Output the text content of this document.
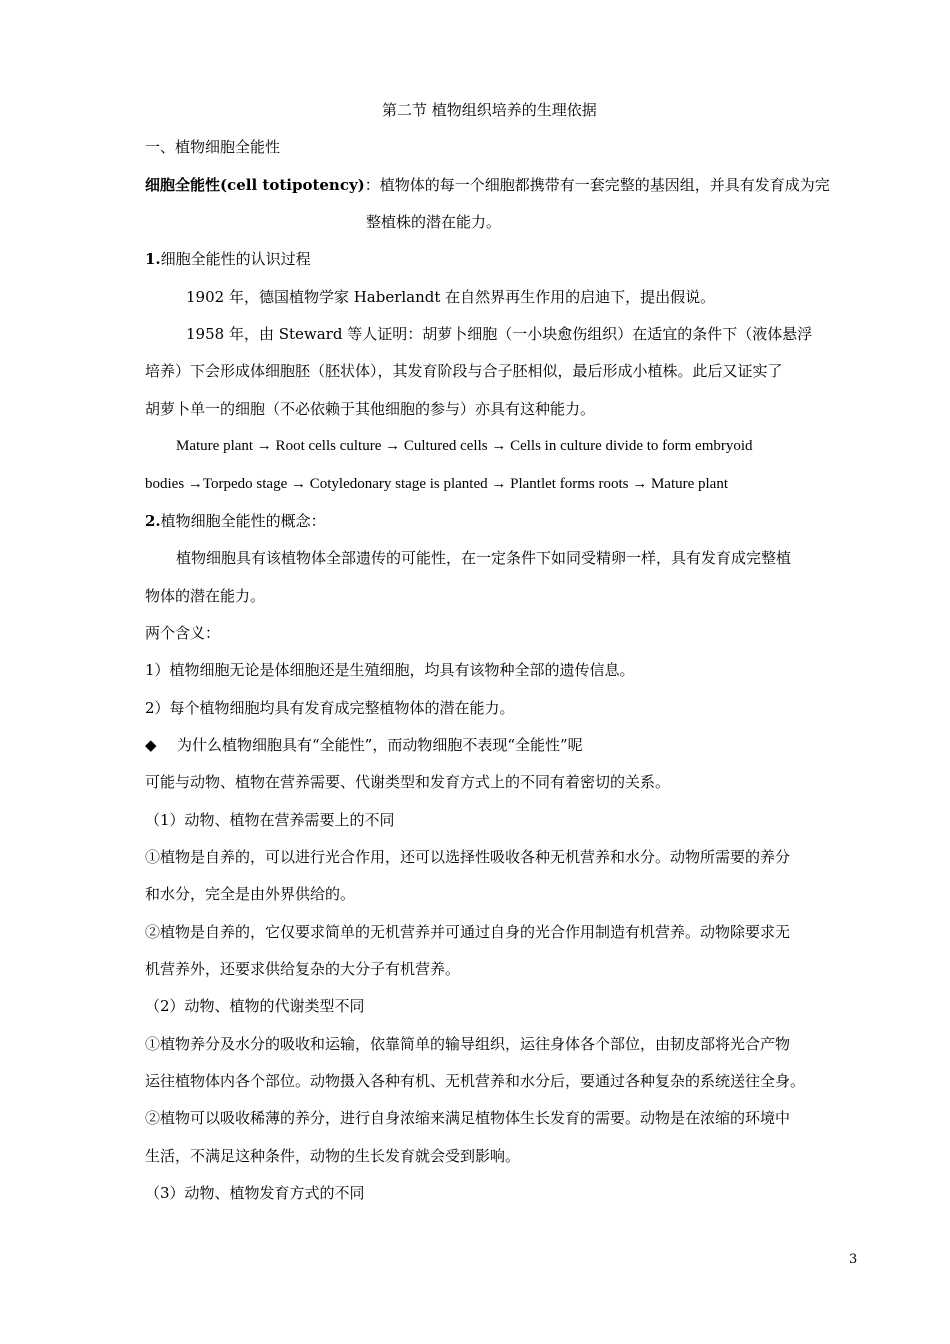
第二节 植物组织培养的生理依据
一、植物细胞全能性
细胞全能性(cell totipotency)：植物体的每一个细胞都携带有一套完整的基因组，并具有发育成为完
整植株的潜在能力。
1.细胞全能性的认识过程
1902 年，德国植物学家 Haberlandt 在自然界再生作用的启迪下，提出假说。
1958 年，由 Steward 等人证明：胡萝卜细胞（一小块愈伤组织）在适宜的条件下（液体悬浮
培养）下会形成体细胞胚（胚状体），其发育阶段与合子胚相似，最后形成小植株。此后又证实了
胡萝卜单一的细胞（不必依赖于其他细胞的参与）亦具有这种能力。
Mature plant → Root cells culture → Cultured cells → Cells in culture divide to form embryoid
bodies →Torpedo stage → Cotyledonary stage is planted → Plantlet forms roots → Mature plant
2.植物细胞全能性的概念：
植物细胞具有该植物体全部遗传的可能性，在一定条件下如同受精卵一样，具有发育成完整植
物体的潜在能力。
两个含义：
1）植物细胞无论是体细胞还是生殖细胞，均具有该物种全部的遗传信息。
2）每个植物细胞均具有发育成完整植物体的潜在能力。
◆ 为什么植物细胞具有“全能性”，而动物细胞不表现“全能性”呢
可能与动物、植物在营养需要、代谢类型和发育方式上的不同有着密切的关系。
（1）动物、植物在营养需要上的不同
①植物是自养的，可以进行光合作用，还可以选择性吸收各种无机营养和水分。动物所需要的养分
和水分，完全是由外界供给的。
②植物是自养的，它仅要求简单的无机营养并可通过自身的光合作用制造有机营养。动物除要求无
机营养外，还要求供给复杂的大分子有机营养。
（2）动物、植物的代谢类型不同
①植物养分及水分的吸收和运输，依靠简单的输导组织，运往身体各个部位，由韧皮部将光合产物
运往植物体内各个部位。动物摄入各种有机、无机营养和水分后，要通过各种复杂的系统送往全身。
②植物可以吸收稀薄的养分，进行自身浓缩来满足植物体生长发育的需要。动物是在浓缩的环境中
生活，不满足这种条件，动物的生长发育就会受到影响。
（3）动物、植物发育方式的不同
3
